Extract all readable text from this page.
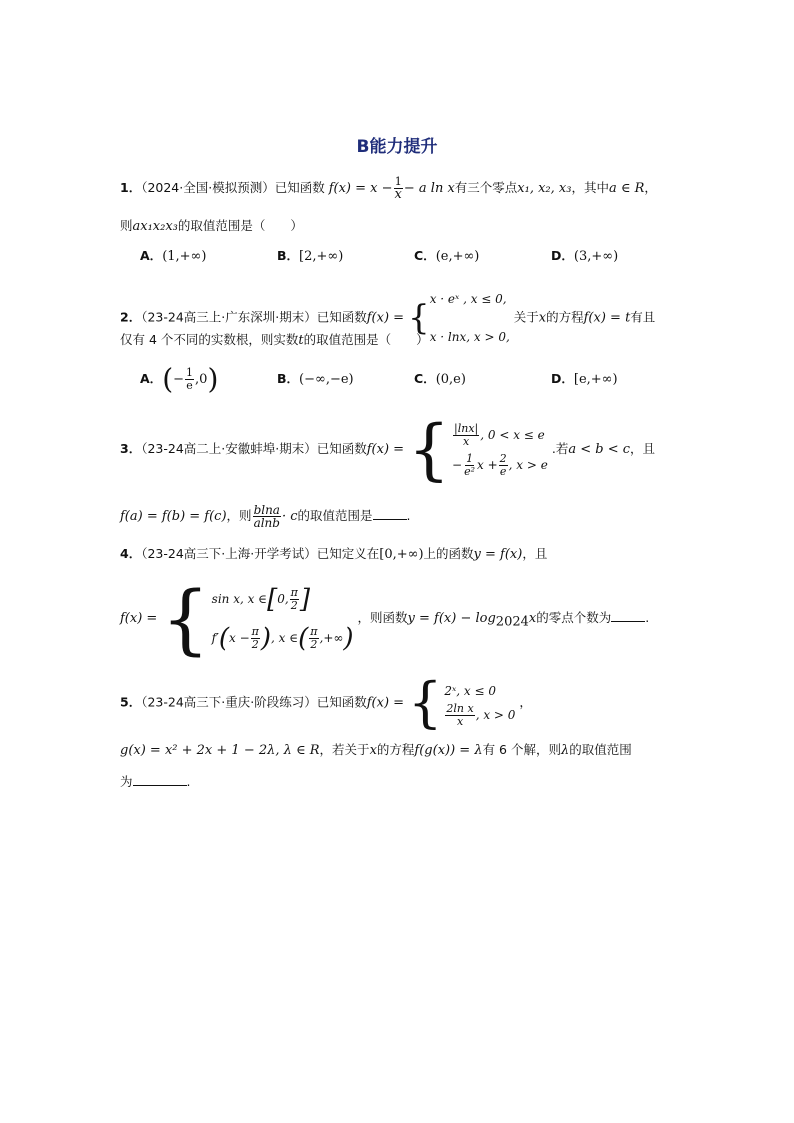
B能力提升
1．（2024·全国·模拟预测）已知函数 $f(x) = x - \frac{1}{x} - a$ ln x有三个零点x₁, x₂, x₃，其中a ∈ R，
则ax₁x₂x₃的取值范围是（　　）
A．(1,+∞)	B．[2,+∞)	C．(e,+∞)	D．(3,+∞)
2．（23-24高三上·广东深圳·期末）已知函数f(x) = { x · eˣ , x ≤ 0,
x · lnx, x > 0,
关于x的方程f(x) = t有且
仅有 4 个不同的实数根，则实数t的取值范围是（　　）
A．(− $\frac{1}{e} ,0$)	B．(−∞,−e)	C．(0,e)	D．[e,+∞)
3．（23-24高二上·安徽蚌埠·期末）已知函数f(x) = { $\frac{|\ln x|}{x}$ , 0 < x ≤ e
− $\frac{1}{\text{e²}}$ $x + \frac{2}{e}$ , x > e
.若a < b < c，且
f(a) = f(b) = f(c)，则 $\frac{blna}{alnb} \cdot c$的取值范围是	.
4．（23-24高三下·上海·开学考试）已知定义在[0,+∞)上的函数y = f(x)，且
f(x) = { sin x, x ∈[0, $\frac{\pi}{2}$ ]
$f'(x - \frac{\pi}{2}$ ), x ∈( $\frac{\pi}{2}$ ,+∞)
，则函数$y = f(x) - \log_{2024}x$的零点个数为	.
5．（23-24高三下·重庆·阶段练习）已知函数f(x) = { 2ˣ, x ≤ 0
$\frac{\text{2ln x}}{x}$ , x > 0
，
g(x) = x² + 2x + 1 − 2λ, λ ∈ R，若关于x的方程f(g(x)) = λ有 6 个解，则λ的取值范围
为	.
